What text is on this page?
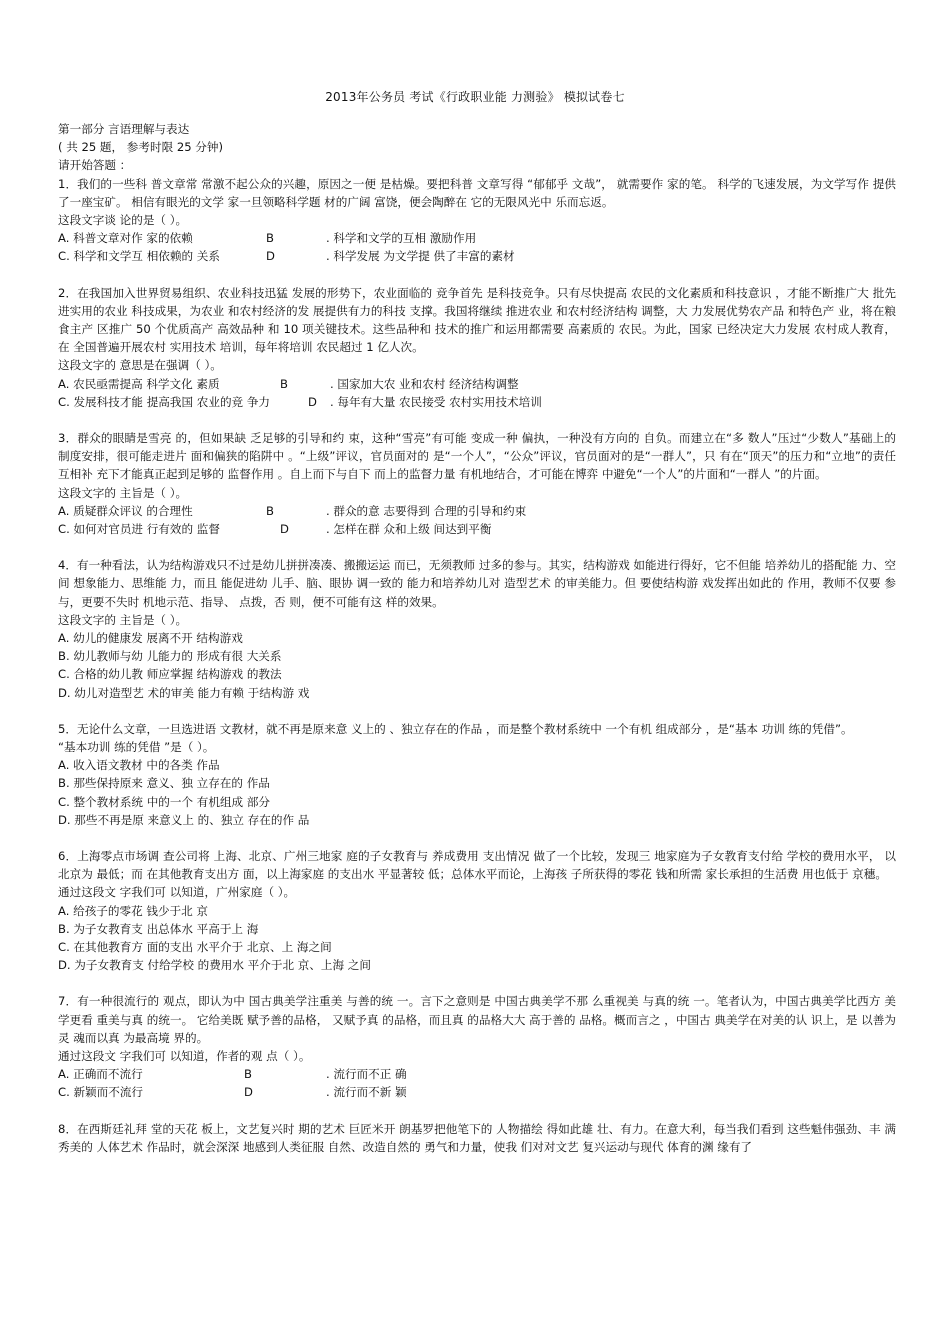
2013年公务员 考试《行政职业能 力测验》 模拟试卷七
第一部分 言语理解与表达
( 共 25 题， 参考时限 25 分钟)
请开始答题 ：
1．我们的一些科 普文章常 常激不起公众的兴趣，原因之一便 是枯燥。要把科普 文章写得 “郁郁乎 文哉”， 就需要作 家的笔。 科学的飞速发展，为文学写作 提供了一座宝矿。 相信有眼光的文学 家一旦领略科学题 材的广阔 富饶，便会陶醉在 它的无限风光中 乐而忘返。
这段文字谈 论的是（ ）。
A. 科普文章对作 家的依赖	B	. 科学和文学的互相 激励作用
C. 科学和文学互 相依赖的 关系	D	. 科学发展 为文学提 供了丰富的素材
2．在我国加入世界贸易组织、农业科技迅猛 发展的形势下，农业面临的 竞争首先 是科技竞争。只有尽快提高 农民的文化素质和科技意识 ，才能不断推广大 批先进实用的农业 科技成果，为农业 和农村经济的发 展提供有力的科技 支撑。我国将继续 推进农业 和农村经济结构 调整，大 力发展优势农产品 和特色产 业，将在粮食主产 区推广 50 个优质高产 高效品种 和 10 项关键技术。这些品种和 技术的推广和运用都需要 高素质的 农民。为此，国家 已经决定大力发展 农村成人教育，在 全国普遍开展农村 实用技术 培训，每年将培训 农民超过 1 亿人次。
这段文字的 意思是在强调（ ）。
A. 农民亟需提高 科学文化 素质	B	. 国家加大农 业和农村 经济结构调整
C. 发展科技才能 提高我国 农业的竞 争力	D . 每年有大量 农民接受 农村实用技术培训
3．群众的眼睛是雪亮 的，但如果缺 乏足够的引导和约 束，这种“雪亮”有可能 变成一种 偏执，一种没有方向的 自负。而建立在“多 数人”压过“少数人”基础上的 制度安排，很可能走进片 面和偏狭的陷阱中 。“上级”评议，官员面对的 是“一个人”，“公众”评议，官员面对的是“一群人”，只 有在“顶天”的压力和“立地”的责任互相补 充下才能真正起到足够的 监督作用 。自上而下与自下 而上的监督力量 有机地结合，才可能在博弈 中避免“一个人”的片面和“一群人 ”的片面。
这段文字的 主旨是（ ）。
A. 质疑群众评议 的合理性	B	. 群众的意 志要得到 合理的引导和约束
C. 如何对官员进 行有效的 监督	D	. 怎样在群 众和上级 间达到平衡
4．有一种看法，认为结构游戏只不过是幼儿拼拼凑凑、搬搬运运 而已，无须教师 过多的参与。其实，结构游戏 如能进行得好，它不但能 培养幼儿的搭配能 力、空间 想象能力、思维能 力，而且 能促进幼 儿手、脑、眼协 调一致的 能力和培养幼儿对 造型艺术 的审美能力。但 要使结构游 戏发挥出如此的 作用，教师不仅要 参与，更要不失时 机地示范、指导、 点拨，否 则，便不可能有这 样的效果。
这段文字的 主旨是（ ）。
A. 幼儿的健康发 展离不开 结构游戏
B. 幼儿教师与幼 儿能力的 形成有很 大关系
C. 合格的幼儿教 师应掌握 结构游戏 的教法
D. 幼儿对造型艺 术的审美 能力有赖 于结构游 戏
5．无论什么文章，一旦选进语 文教材，就不再是原来意 义上的 、独立存在的作品 ，而是整个教材系统中 一个有机 组成部分 ，是“基本 功训 练的凭借”。
“基本功训 练的凭借 ”是（ ）。
A. 收入语文教材 中的各类 作品
B. 那些保持原来 意义、独 立存在的 作品
C. 整个教材系统 中的一个 有机组成 部分
D. 那些不再是原 来意义上 的、独立 存在的作 品
6．上海零点市场调 查公司将 上海、北京、广州三地家 庭的子女教育与 养成费用 支出情况 做了一个比较，发现三 地家庭为子女教育支付给 学校的费用水平， 以北京为 最低；而 在其他教育支出方 面，以上海家庭 的支出水 平显著较 低；总体水平而论，上海孩 子所获得的零花 钱和所需 家长承担的生活费 用也低于 京穗。
通过这段文 字我们可 以知道，广州家庭（ ）。
A. 给孩子的零花 钱少于北 京
B. 为子女教育支 出总体水 平高于上 海
C. 在其他教育方 面的支出 水平介于 北京、上 海之间
D. 为子女教育支 付给学校 的费用水 平介于北 京、上海 之间
7．有一种很流行的 观点，即认为中 国古典美学注重美 与善的统 一。言下之意则是 中国古典美学不那 么重视美 与真的统 一。笔者认为，中国古典美学比西方 美学更看 重美与真 的统一。 它给美既 赋予善的品格， 又赋予真 的品格，而且真 的品格大大 高于善的 品格。概而言之 ，中国古 典美学在对美的认 识上，是 以善为灵 魂而以真 为最高境 界的。
通过这段文 字我们可 以知道，作者的观 点（ ）。
A. 正确而不流行	B	. 流行而不正 确
C. 新颖而不流行	D	. 流行而不新 颖
8．在西斯廷礼拜 堂的天花 板上，文艺复兴时 期的艺术 巨匠米开 朗基罗把他笔下的 人物描绘 得如此雄 壮、有力。在意大利，每当我们看到 这些魁伟强劲、丰 满秀美的 人体艺术 作品时，就会深深 地感到人类征服 自然、改造自然的 勇气和力量，使我 们对对文艺 复兴运动与现代 体育的渊 缘有了
